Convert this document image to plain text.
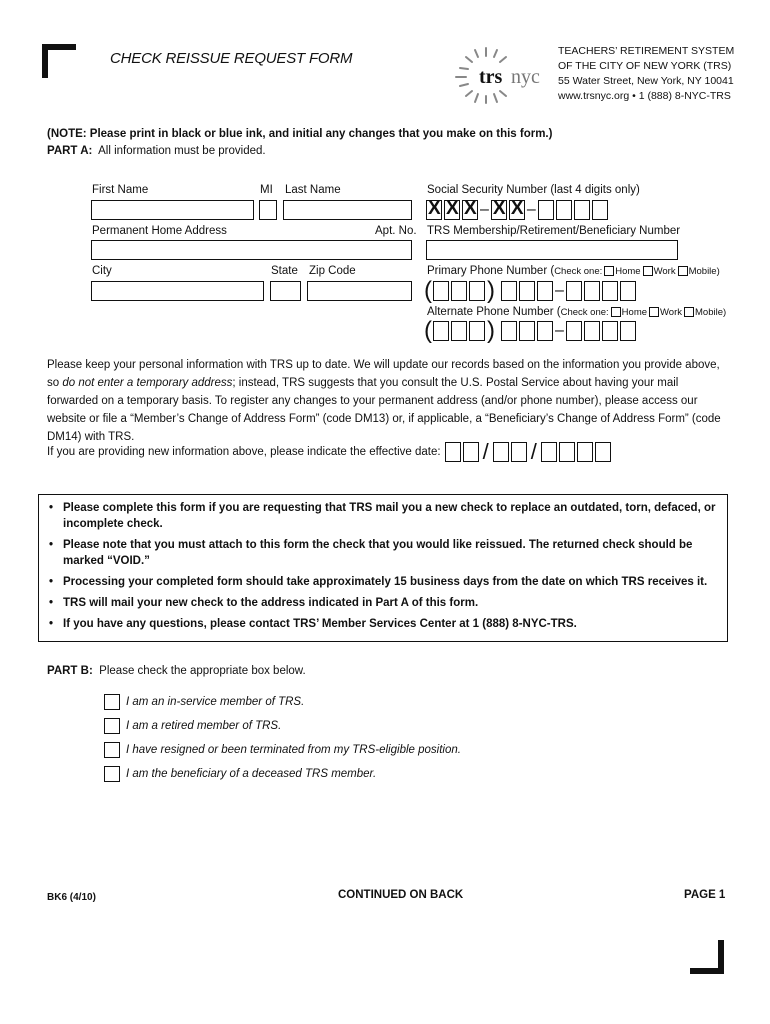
CHECK REISSUE REQUEST FORM
trs nyc
TEACHERS’ RETIREMENT SYSTEM
OF THE CITY OF NEW YORK (TRS)
55 Water Street, New York, NY 10041
www.trsnyc.org • 1 (888) 8-NYC-TRS
(NOTE: Please print in black or blue ink, and initial any changes that you make on this form.)
PART A: All information must be provided.
First Name	MI Last Name	Social Security Number (last 4 digits only)
XXX– X X –
Permanent Home Address	Apt. No. TRS Membership/Retirement/Beneficiary Number
City	State Zip Code	Primary Phone Number (Check one: Home Work Mobile)
( )	–
Alternate Phone Number (Check one: Home Work Mobile)
( )	–
Please keep your personal information with TRS up to date. We will update our records based on the information you provide above, so do not enter a temporary address; instead, TRS suggests that you consult the U.S. Postal Service about having your mail forwarded on a temporary basis. To register any changes to your permanent address (and/or phone number), please access our website or file a “Member’s Change of Address Form” (code DM13) or, if applicable, a “Beneficiary’s Change of Address Form” (code DM14) with TRS.
If you are providing new information above, please indicate the effective date: / /
• Please complete this form if you are requesting that TRS mail you a new check to replace an outdated, torn, defaced, or incomplete check.
• Please note that you must attach to this form the check that you would like reissued. The returned check should be marked “VOID.”
• Processing your completed form should take approximately 15 business days from the date on which TRS receives it.
• TRS will mail your new check to the address indicated in Part A of this form.
• If you have any questions, please contact TRS’ Member Services Center at 1 (888) 8-NYC-TRS.
PART B: Please check the appropriate box below.
I am an in-service member of TRS.
I am a retired member of TRS.
I have resigned or been terminated from my TRS-eligible position.
I am the beneficiary of a deceased TRS member.
BK6 (4/10)	CONTINUED ON BACK	PAGE 1
